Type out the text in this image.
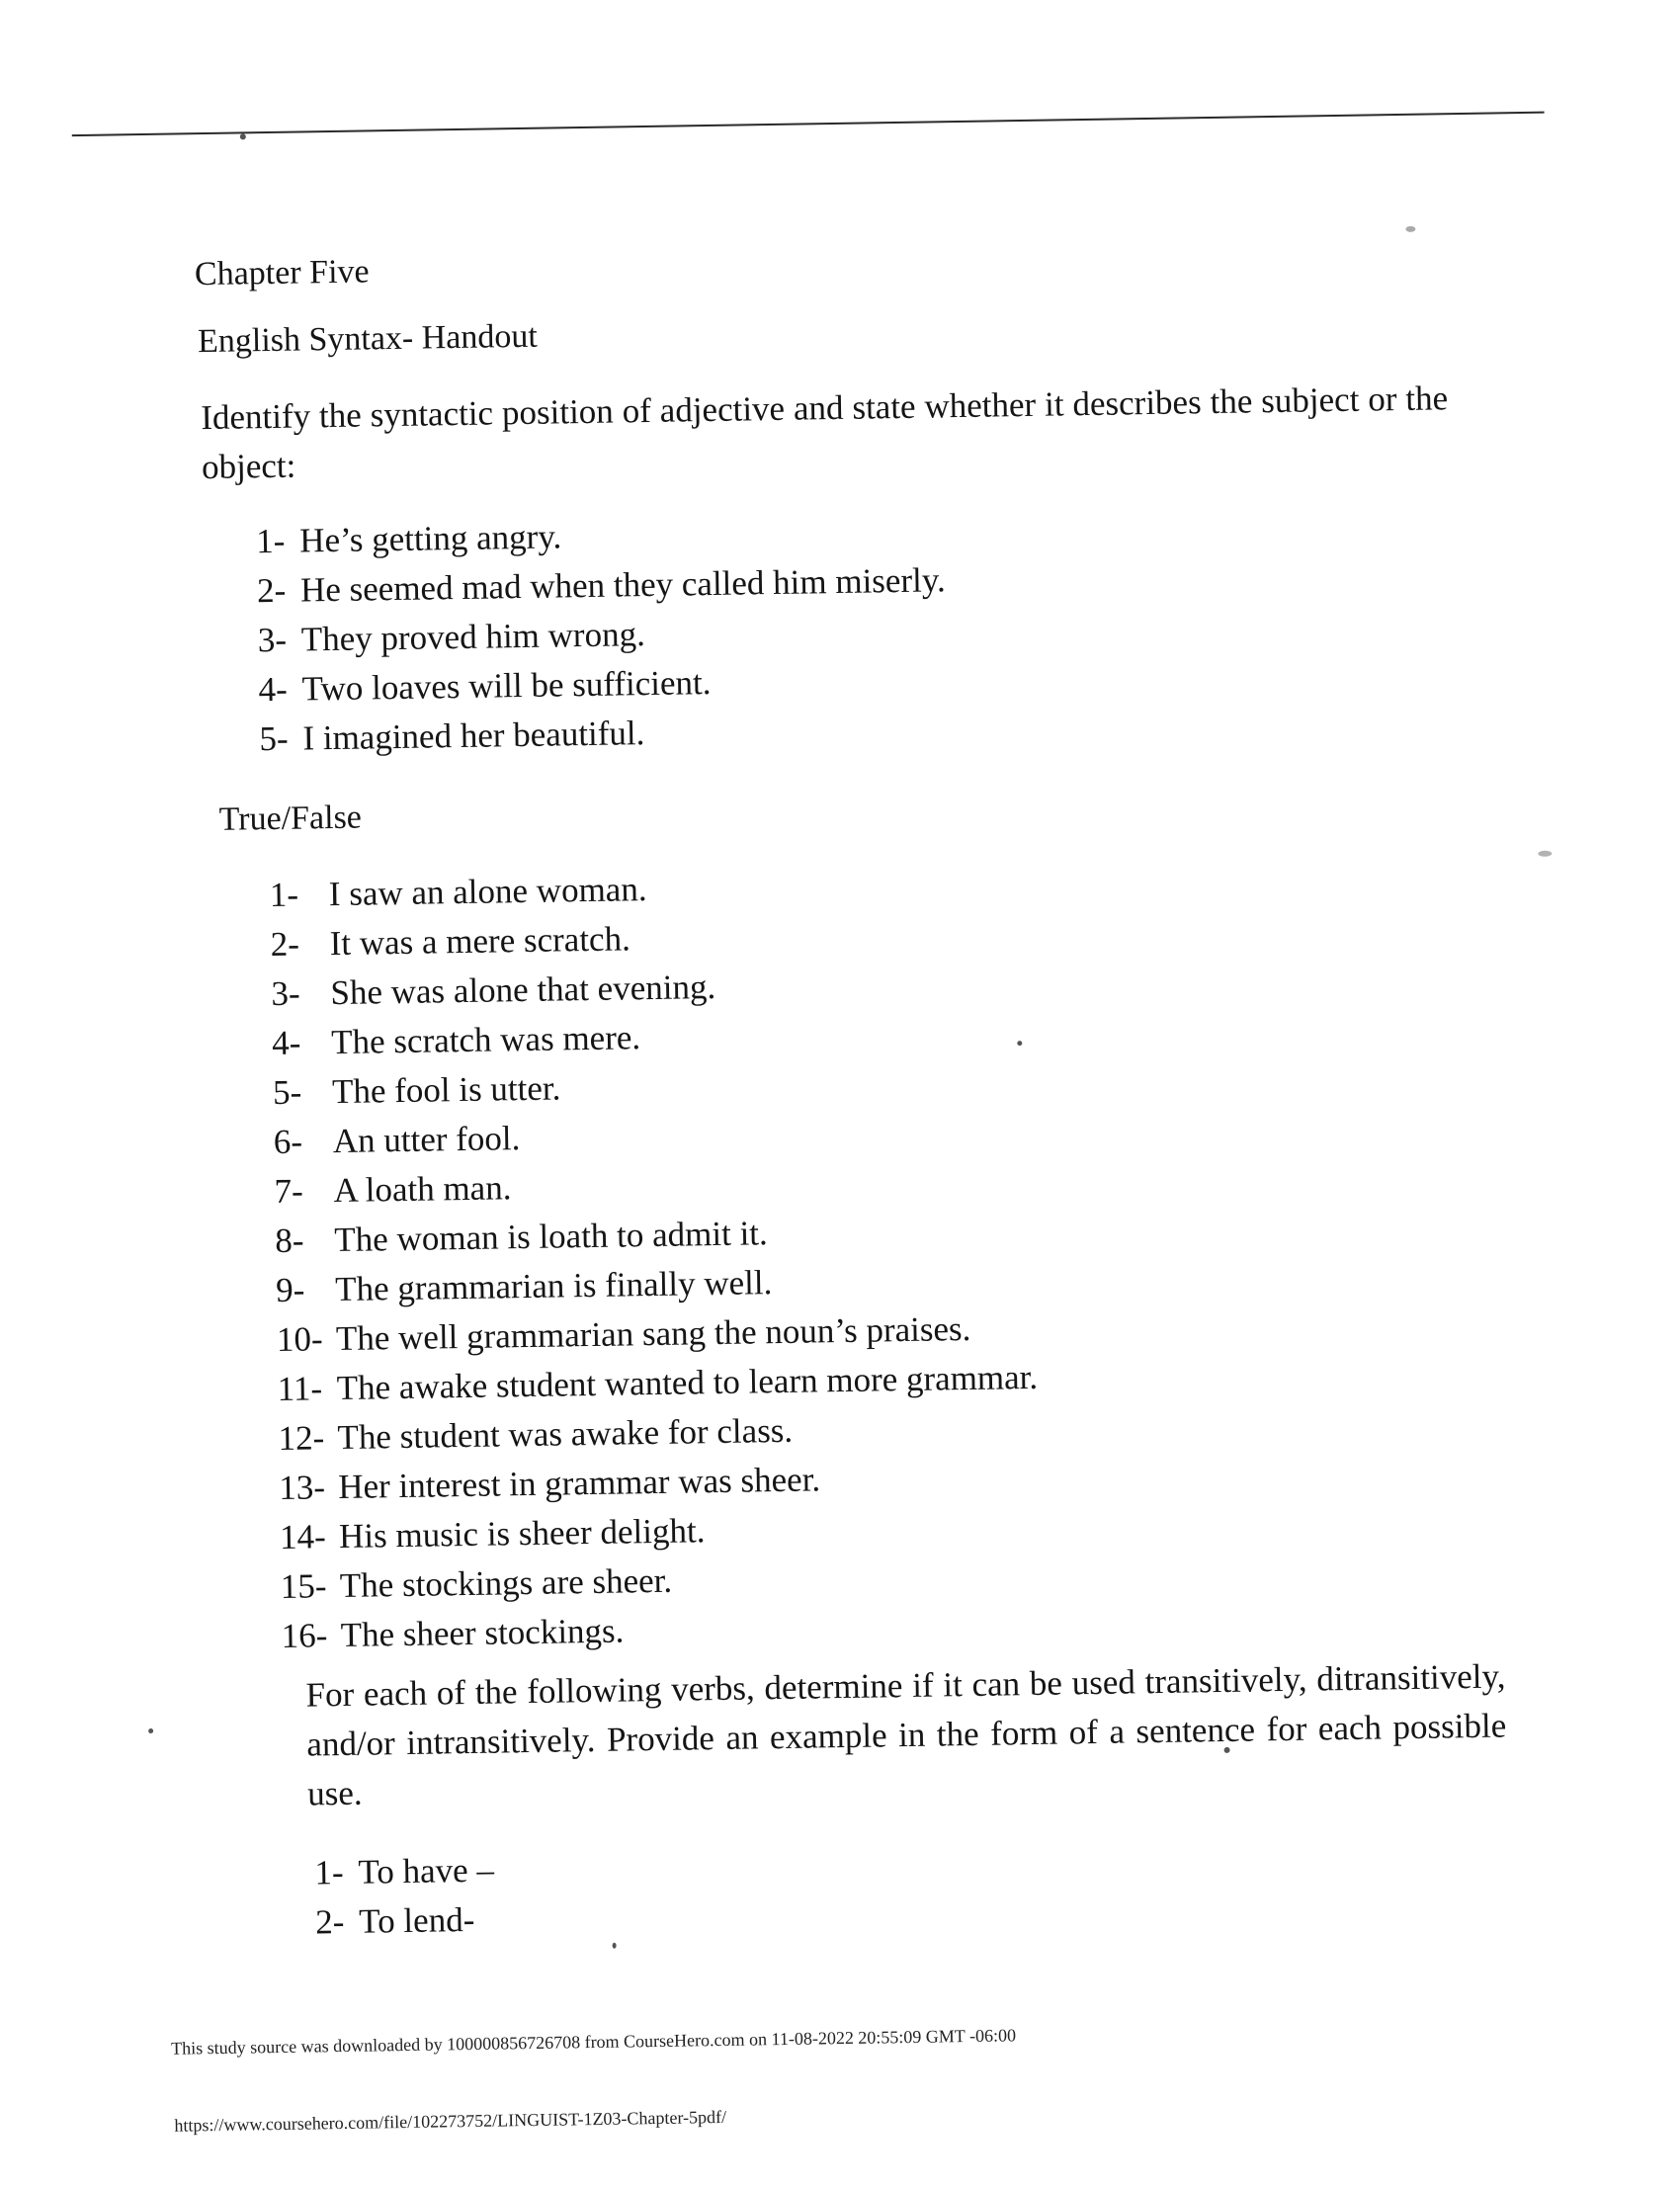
Chapter Five
English Syntax- Handout
Identify the syntactic position of adjective and state whether it describes the subject or the object:
1- He’s getting angry.
2- He seemed mad when they called him miserly.
3- They proved him wrong.
4- Two loaves will be sufficient.
5- I imagined her beautiful.
True/False
1- I saw an alone woman.
2- It was a mere scratch.
3- She was alone that evening.
4- The scratch was mere.
5- The fool is utter.
6- An utter fool.
7- A loath man.
8- The woman is loath to admit it.
9- The grammarian is finally well.
10- The well grammarian sang the noun’s praises.
11- The awake student wanted to learn more grammar.
12- The student was awake for class.
13- Her interest in grammar was sheer.
14- His music is sheer delight.
15- The stockings are sheer.
16- The sheer stockings.
For each of the following verbs, determine if it can be used transitively, ditransitively, and/or intransitively. Provide an example in the form of a sentence for each possible use.
1- To have –
2- To lend-
This study source was downloaded by 100000856726708 from CourseHero.com on 11-08-2022 20:55:09 GMT -06:00
https://www.coursehero.com/file/102273752/LINGUIST-1Z03-Chapter-5pdf/
